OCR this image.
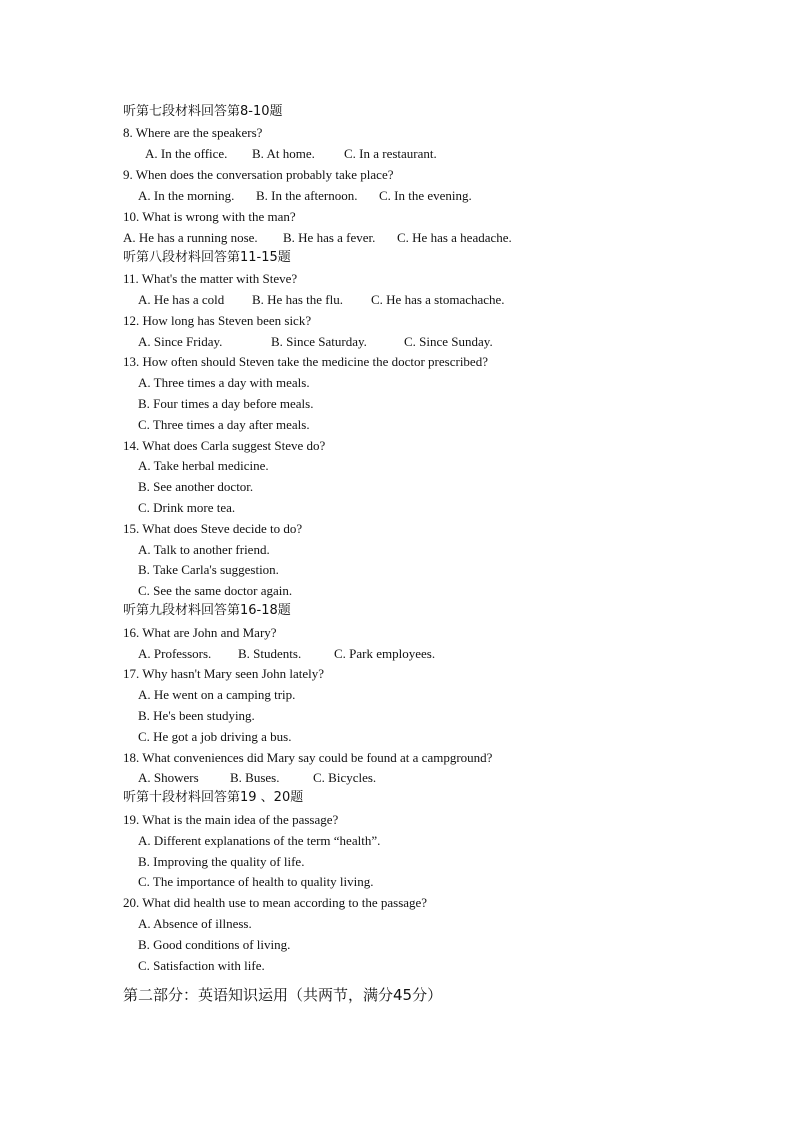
听第七段材料回答第8-10题
8. Where are the speakers?
A. In the office. B. At home. C. In a restaurant.
9. When does the conversation probably take place?
A. In the morning. B. In the afternoon. C. In the evening.
10. What is wrong with the man?
A. He has a running nose. B. He has a fever. C. He has a headache.
听第八段材料回答第11-15题
11. What's the matter with Steve?
A. He has a cold B. He has the flu. C. He has a stomachache.
12. How long has Steven been sick?
A. Since Friday.	B. Since Saturday.	C. Since Sunday.
13. How often should Steven take the medicine the doctor prescribed?
A. Three times a day with meals.
B. Four times a day before meals.
C. Three times a day after meals.
14. What does Carla suggest Steve do?
A. Take herbal medicine.
B. See another doctor.
C. Drink more tea.
15. What does Steve decide to do?
A. Talk to another friend.
B. Take Carla's suggestion.
C. See the same doctor again.
听第九段材料回答第16-18题
16. What are John and Mary?
A. Professors. B. Students.	C. Park employees.
17. Why hasn't Mary seen John lately?
A. He went on a camping trip.
B. He's been studying.
C. He got a job driving a bus.
18. What conveniences did Mary say could be found at a campground?
A. Showers B. Buses.	C. Bicycles.
听第十段材料回答第19 、20题
19. What is the main idea of the passage?
A. Different explanations of the term “health”.
B. Improving the quality of life.
C. The importance of health to quality living.
20. What did health use to mean according to the passage?
A. Absence of illness.
B. Good conditions of living.
C. Satisfaction with life.
第二部分：英语知识运用（共两节，满分45分）
